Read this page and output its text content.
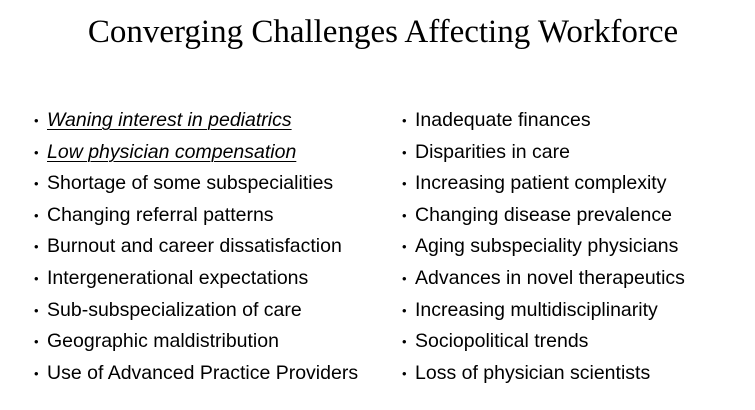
Converging Challenges Affecting Workforce
• Waning interest in pediatrics
• Low physician compensation
• Shortage of some subspecialities
• Changing referral patterns
• Burnout and career dissatisfaction
• Intergenerational expectations
• Sub-subspecialization of care
• Geographic maldistribution
• Use of Advanced Practice Providers
• Inadequate finances
• Disparities in care
• Increasing patient complexity
• Changing disease prevalence
• Aging subspeciality physicians
• Advances in novel therapeutics
• Increasing multidisciplinarity
• Sociopolitical trends
• Loss of physician scientists
